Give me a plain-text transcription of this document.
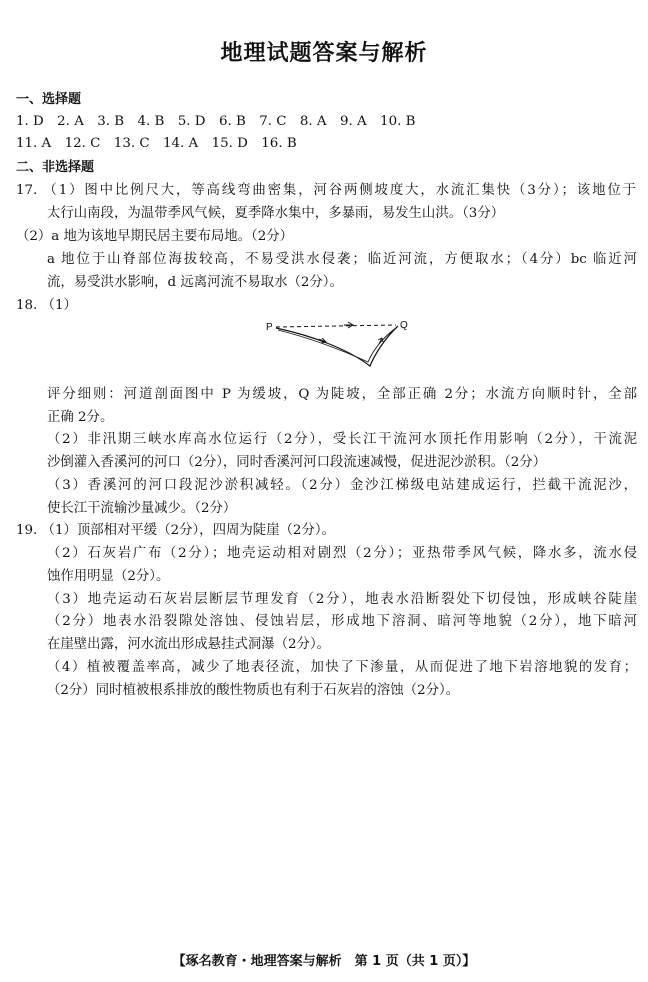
地理试题答案与解析
一、选择题
1. D　2. A　3. B　4. B　5. D　6. B　7. C　8. A　9. A　10. B
11. A　12. C　13. C　14. A　15. D　16. B
二、非选择题
17. （1）图中比例尺大，等高线弯曲密集，河谷两侧坡度大，水流汇集快（3分）；该地位于
太行山南段，为温带季风气候，夏季降水集中，多暴雨，易发生山洪。（3分）
（2）a 地为该地早期民居主要布局地。（2分）
a 地位于山脊部位海拔较高，不易受洪水侵袭；临近河流，方便取水；（4分）bc 临近河
流，易受洪水影响，d 远离河流不易取水（2分）。
18. （1）
评分细则：河道剖面图中 P 为缓坡，Q 为陡坡，全部正确 2分；水流方向顺时针，全部
正确 2分。
（2）非汛期三峡水库高水位运行（2分），受长江干流河水顶托作用影响（2分），干流泥
沙倒灌入香溪河的河口（2分），同时香溪河河口段流速减慢，促进泥沙淤积。（2分）
（3）香溪河的河口段泥沙淤积减轻。（2分）金沙江梯级电站建成运行，拦截干流泥沙，
使长江干流输沙量减少。（2分）
19. （1）顶部相对平缓（2分），四周为陡崖（2分）。
（2）石灰岩广布（2分）；地壳运动相对剧烈（2分）；亚热带季风气候，降水多，流水侵
蚀作用明显（2分）。
（3）地壳运动石灰岩层断层节理发育（2分），地表水沿断裂处下切侵蚀，形成峡谷陡崖
（2分）地表水沿裂隙处溶蚀、侵蚀岩层，形成地下溶洞、暗河等地貌（2分），地下暗河
在崖壁出露，河水流出形成悬挂式洞瀑（2分）。
（4）植被覆盖率高，减少了地表径流，加快了下渗量，从而促进了地下岩溶地貌的发育；
（2分）同时植被根系排放的酸性物质也有利于石灰岩的溶蚀（2分）。
P	Q
【琢名教育・地理答案与解析　第 1 页（共 1 页）】
